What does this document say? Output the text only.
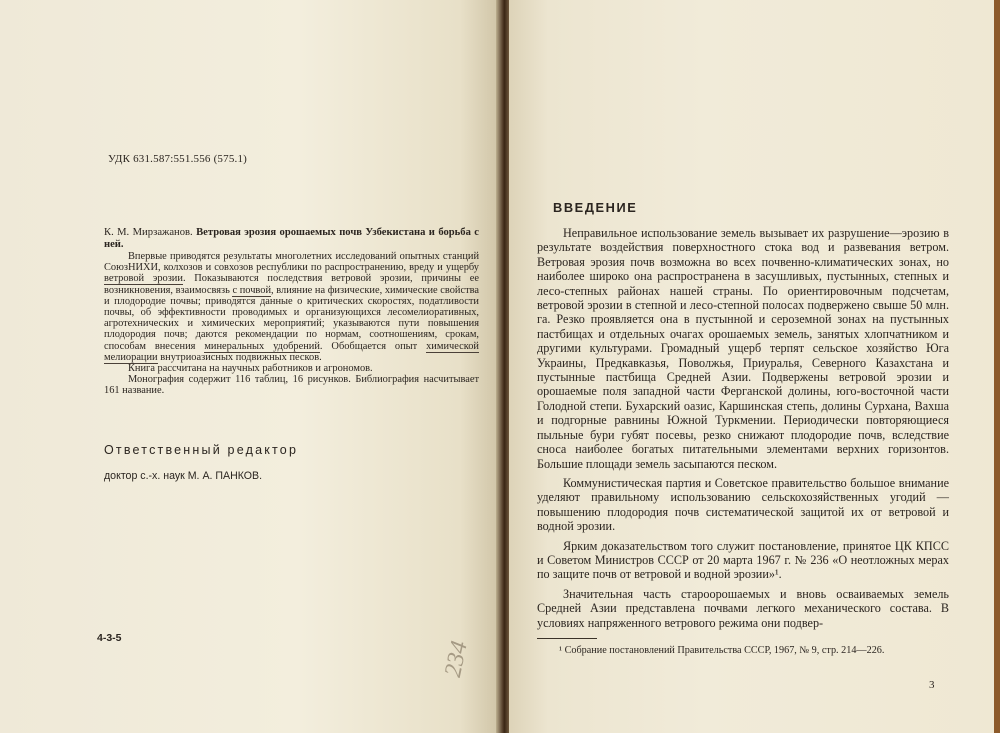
УДК 631.587:551.556 (575.1)
К. М. Мирзажанов. Ветровая эрозия орошаемых почв Узбекистана и борьба с ней.

Впервые приводятся результаты многолетних исследований опытных станций СоюзНИХИ, колхозов и совхозов республики по распространению, вреду и ущербу ветровой эрозии. Показываются последствия ветровой эрозии, причины ее возникновения, взаимосвязь с почвой, влияние на физические, химические свойства и плодородие почвы; приводятся данные о критических скоростях, податливости почвы, об эффективности проводимых и организующихся лесомелиоративных, агротехнических и химических мероприятий; указываются пути повышения плодородия почв; даются рекомендации по нормам, соотношениям, срокам, способам внесения минеральных удобрений. Обобщается опыт химической мелиорации внутриоазисных подвижных песков.

Книга рассчитана на научных работников и агрономов.

Монография содержит 116 таблиц, 16 рисунков. Библиография насчитывает 161 название.

Ответственный редактор
доктор с.-х. наук М. А. ПАНКОВ.
4-3-5
234
ВВЕДЕНИЕ

Неправильное использование земель вызывает их разрушение—эрозию в результате воздействия поверхностного стока вод и развевания ветром. Ветровая эрозия почв возможна во всех почвенно-климатических зонах, но наиболее широко она распространена в засушливых, пустынных, степных и лесо-степных районах нашей страны. По ориентировочным подсчетам, ветровой эрозии в степной и лесо-степной полосах подвержено свыше 50 млн. га. Резко проявляется она в пустынной и сероземной зонах на пустынных пастбищах и отдельных очагах орошаемых земель, занятых хлопчатником и другими культурами. Громадный ущерб терпят сельское хозяйство Юга Украины, Предкавказья, Поволжья, Приуралья, Северного Казахстана и пустынные пастбища Средней Азии. Подвержены ветровой эрозии и орошаемые поля западной части Ферганской долины, юго-восточной части Голодной степи. Бухарский оазис, Каршинская степь, долины Сурхана, Вахша и подгорные равнины Южной Туркмении. Периодически повторяющиеся пыльные бури губят посевы, резко снижают плодородие почв, вследствие сноса наиболее богатых питательными элементами верхних горизонтов. Большие площади земель засыпаются песком.

Коммунистическая партия и Советское правительство большое внимание уделяют правильному использованию сельскохозяйственных угодий — повышению плодородия почв систематической защитой их от ветровой и водной эрозии.

Ярким доказательством того служит постановление, принятое ЦК КПСС и Советом Министров СССР от 20 марта 1967 г. № 236 «О неотложных мерах по защите почв от ветровой и водной эрозии»¹.

Значительная часть староорошаемых и вновь осваиваемых земель Средней Азии представлена почвами легкого механического состава. В условиях напряженного ветрового режима они подвер-

¹ Собрание постановлений Правительства СССР, 1967, № 9, стр. 214—226.
3
